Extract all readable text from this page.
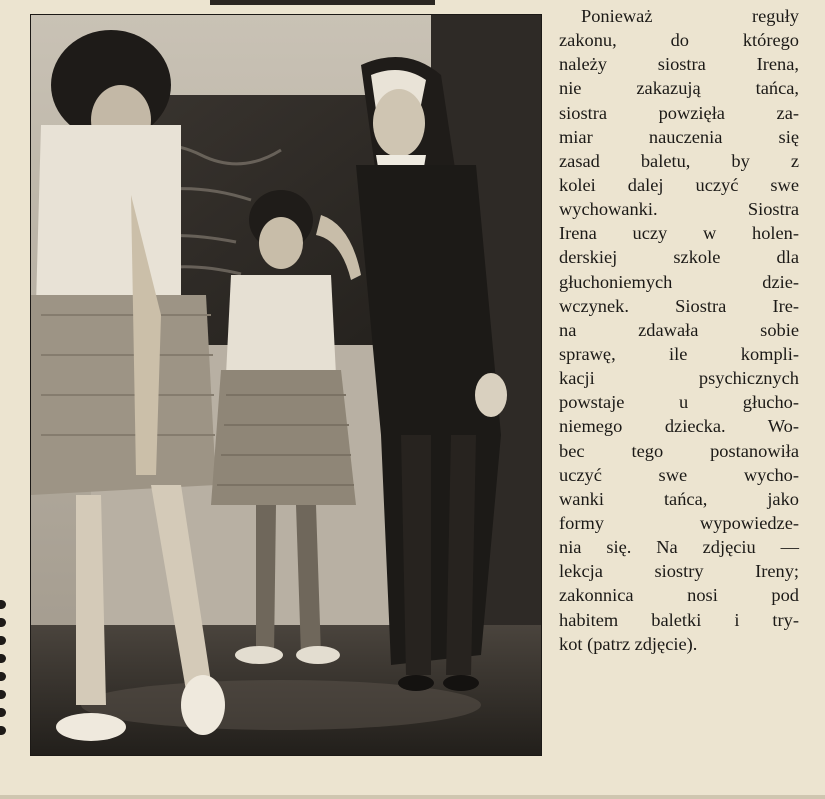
Ponieważ reguły
zakonu, do którego
należy siostra Irena,
nie zakazują tańca,
siostra powzięła za-
miar nauczenia się
zasad baletu, by z
kolei dalej uczyć swe
wychowanki. Siostra
Irena uczy w holen-
derskiej szkole dla
głuchoniemych dzie-
wczynek. Siostra Ire-
na zdawała sobie
sprawę, ile kompli-
kacji psychicznych
powstaje u głucho-
niemego dziecka. Wo-
bec tego postanowiła
uczyć swe wycho-
wanki tańca, jako
formy wypowiedze-
nia się. Na zdjęciu —
lekcja siostry Ireny;
zakonnica nosi pod
habitem baletki i try-
kot (patrz zdjęcie).
